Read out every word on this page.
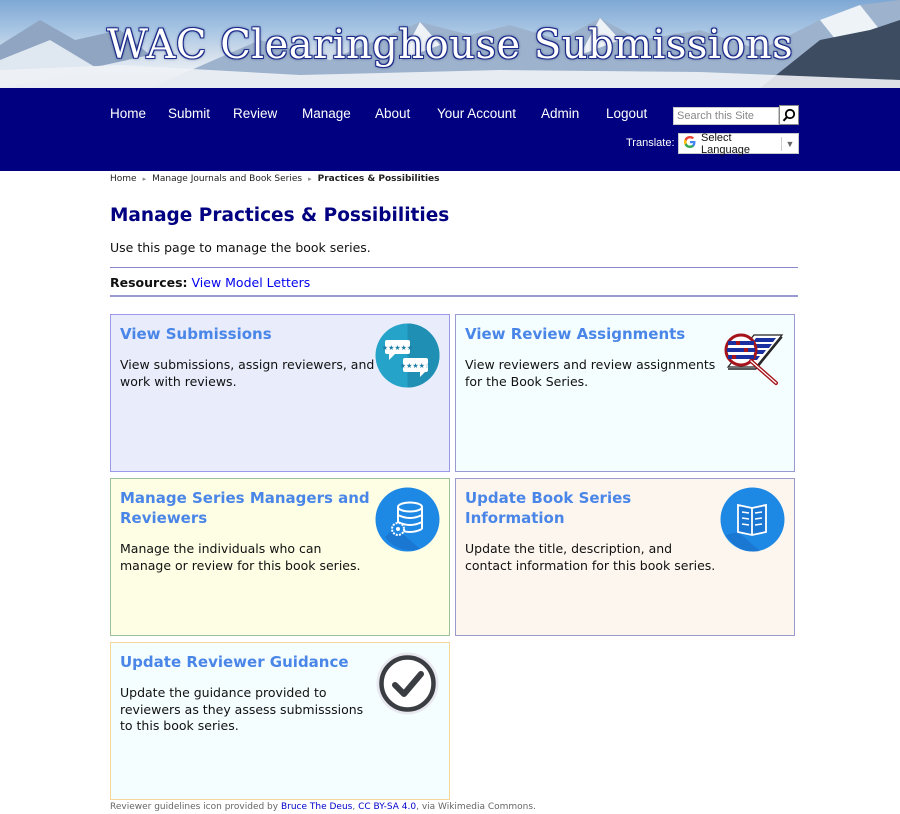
WAC Clearinghouse Submissions
Home	Submit	Review	Manage	About	Your Account	Admin	Logout	Search this Site
Translate: Select Language	▼
Home ▸ Manage Journals and Book Series ▸ Practices & Possibilities
Manage Practices & Possibilities

Use this page to manage the book series.

Resources: View Model Letters
View Submissions

View submissions, assign reviewers, and work with reviews.

★★★★★
★★★★☆
View Review Assignments

View reviewers and review assignments for the Book Series.

Manage Series Managers and Reviewers

Manage the individuals who can manage or review for this book series.

Update Book Series Information

Update the title, description, and contact information for this book series.

Update Reviewer Guidance

Update the guidance provided to reviewers as they assess submisssions to this book series.

Reviewer guidelines icon provided by Bruce The Deus, CC BY-SA 4.0, via Wikimedia Commons.
